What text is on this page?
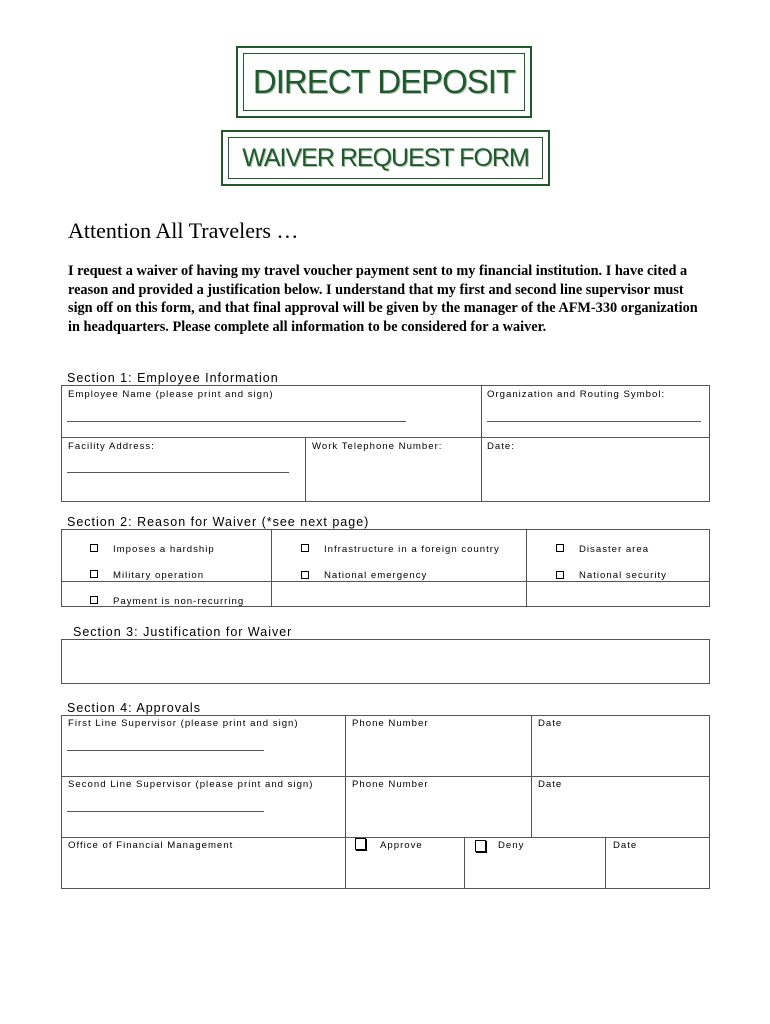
DIRECT DEPOSIT
WAIVER REQUEST FORM
Attention All Travelers …
I request a waiver of having my travel voucher payment sent to my financial institution. I have cited a reason and provided a justification below. I understand that my first and second line supervisor must sign off on this form, and that final approval will be given by the manager of the AFM-330 organization in headquarters. Please complete all information to be considered for a waiver.
Section 1: Employee Information
Employee Name (please print and sign)	Organization and Routing Symbol:
Facility Address:	Work Telephone Number:	Date:
Section 2: Reason for Waiver (*see next page)
Imposes a hardship	Infrastructure in a foreign country	Disaster area
Military operation	National emergency	National security
Payment is non-recurring
Section 3: Justification for Waiver
Section 4: Approvals
First Line Supervisor (please print and sign)	Phone Number	Date
Second Line Supervisor (please print and sign)	Phone Number	Date
Office of Financial Management	Approve	Deny	Date
